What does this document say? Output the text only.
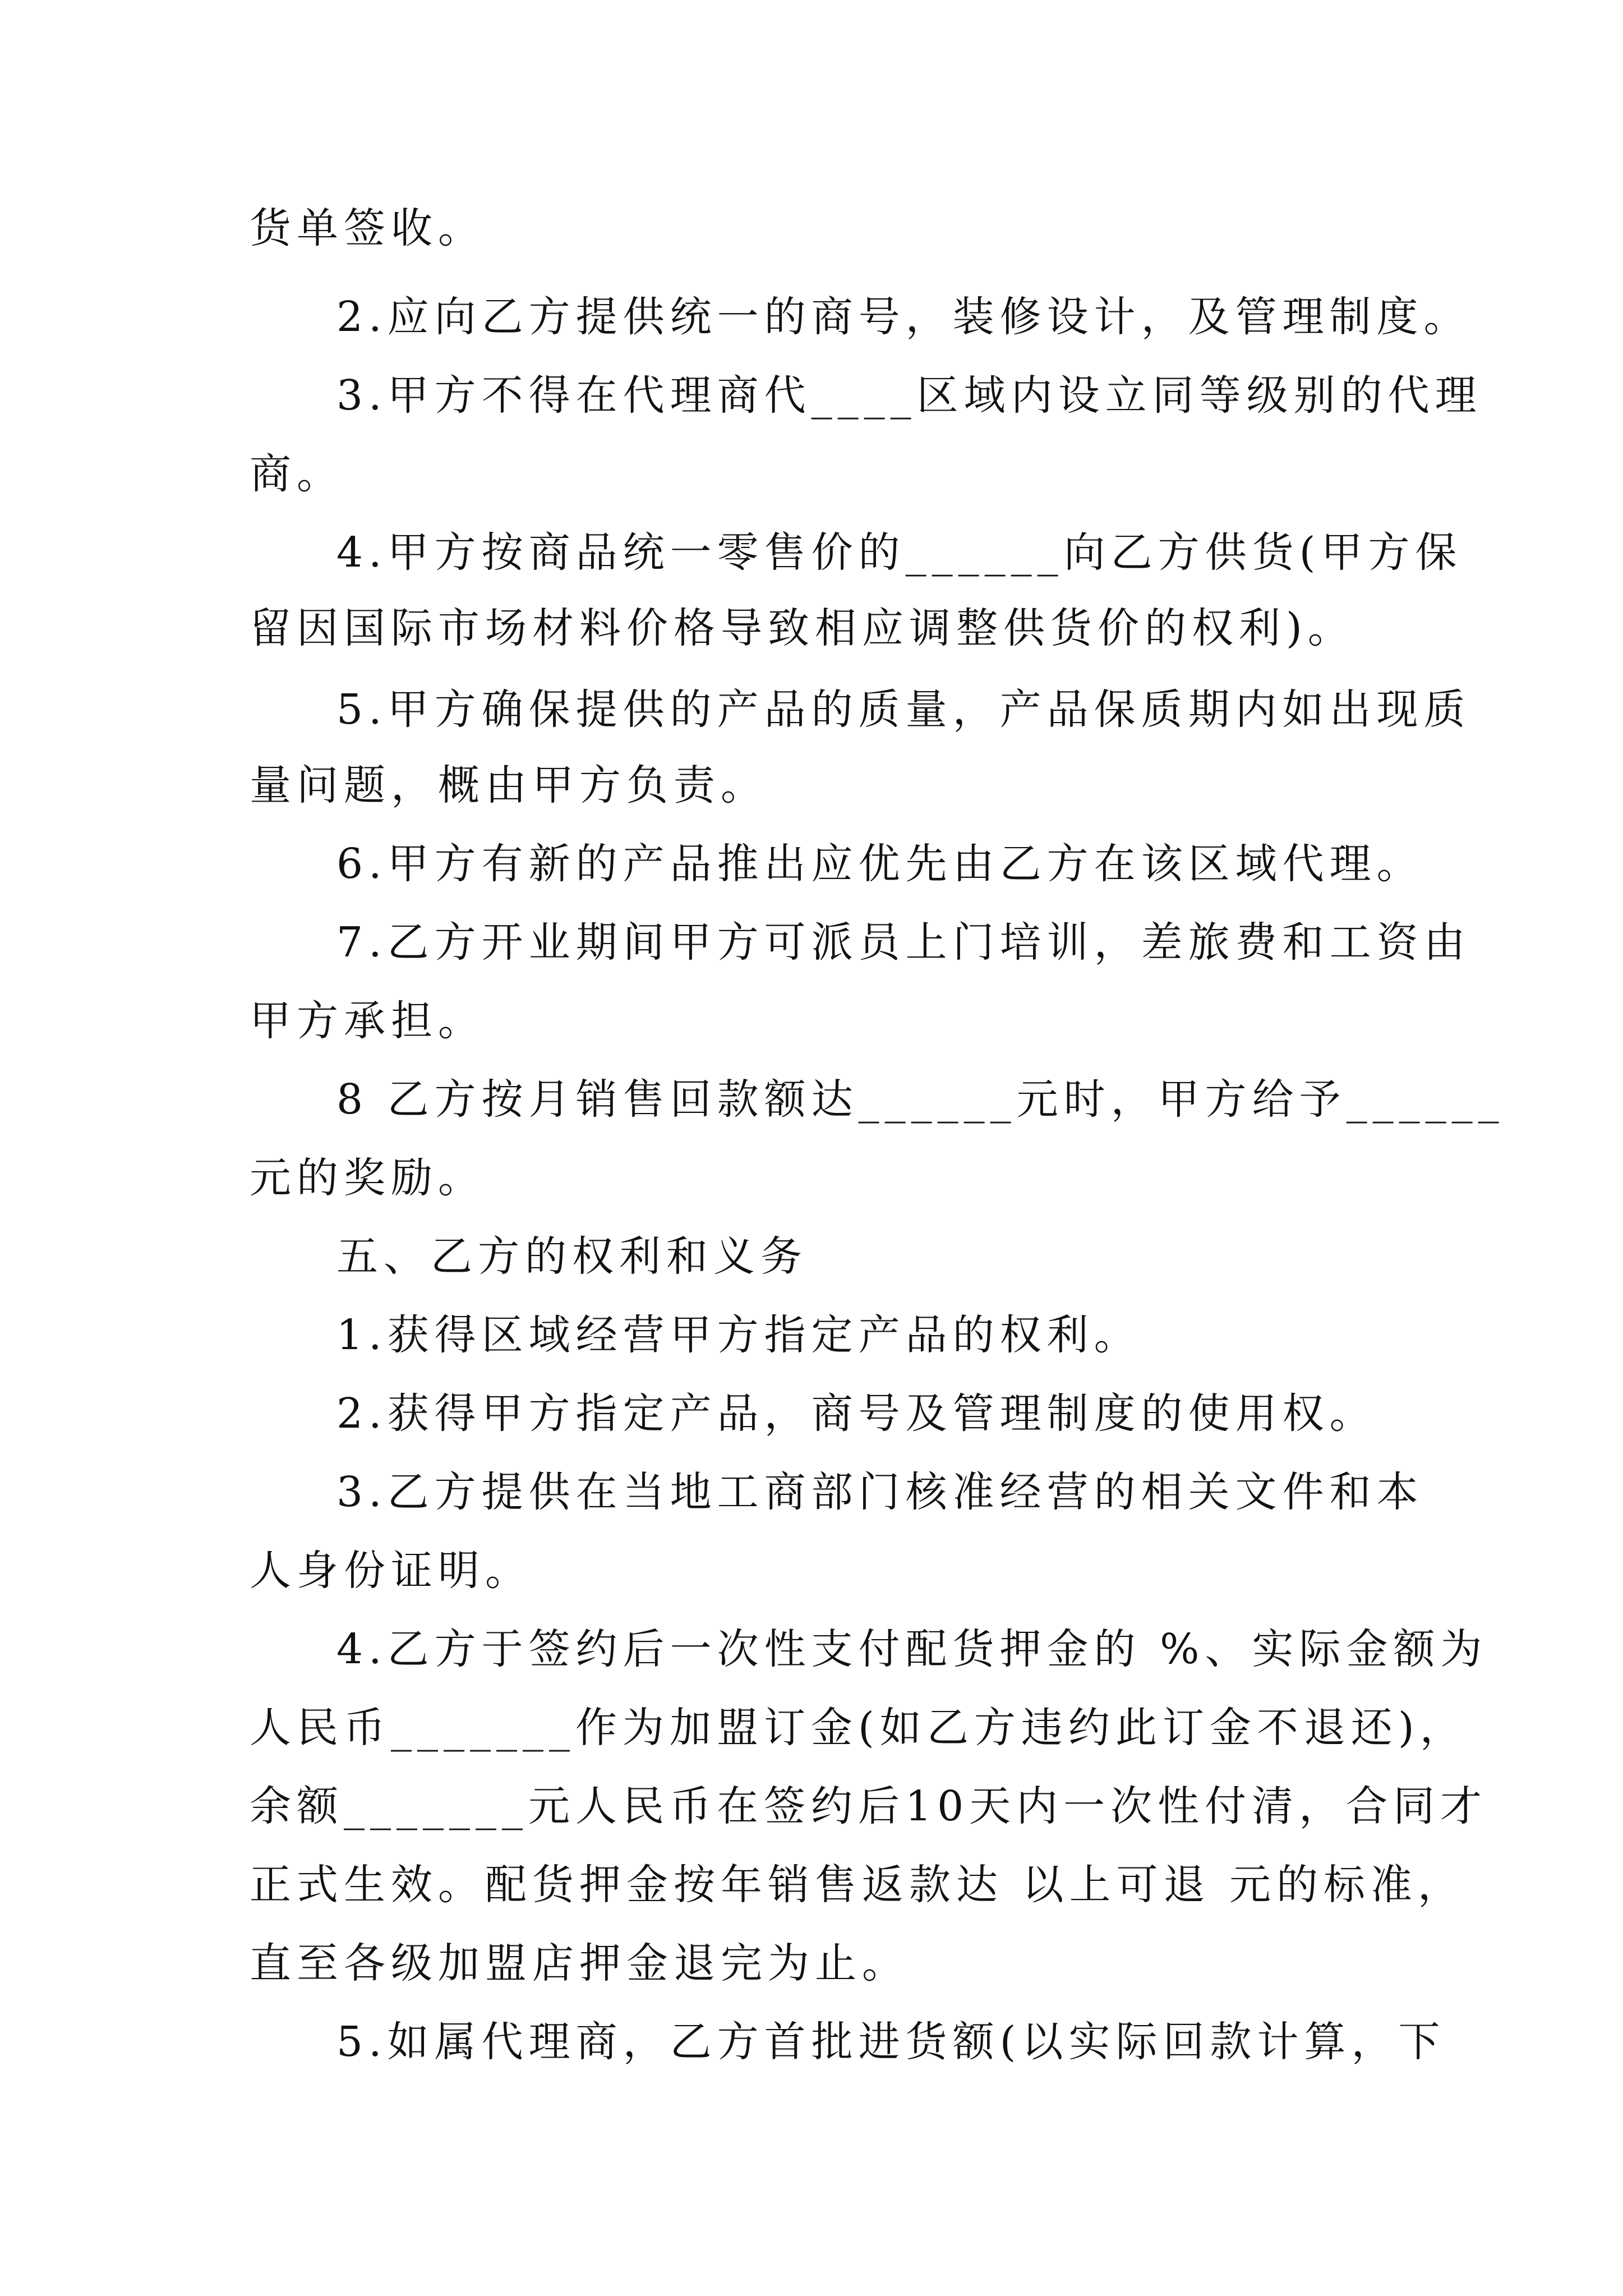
货单签收。
2.应向乙方提供统一的商号，装修设计，及管理制度。
3.甲方不得在代理商代____区域内设立同等级别的代理
商。
4.甲方按商品统一零售价的______向乙方供货(甲方保
留因国际市场材料价格导致相应调整供货价的权利)。
5.甲方确保提供的产品的质量，产品保质期内如出现质
量问题，概由甲方负责。
6.甲方有新的产品推出应优先由乙方在该区域代理。
7.乙方开业期间甲方可派员上门培训，差旅费和工资由
甲方承担。
8 乙方按月销售回款额达______元时，甲方给予______
元的奖励。
五、乙方的权利和义务
1.获得区域经营甲方指定产品的权利。
2.获得甲方指定产品，商号及管理制度的使用权。
3.乙方提供在当地工商部门核准经营的相关文件和本
人身份证明。
4.乙方于签约后一次性支付配货押金的 %、实际金额为
人民币_______作为加盟订金(如乙方违约此订金不退还)，
余额_______元人民币在签约后10天内一次性付清，合同才
正式生效。配货押金按年销售返款达 以上可退 元的标准，
直至各级加盟店押金退完为止。
5.如属代理商，乙方首批进货额(以实际回款计算，下
